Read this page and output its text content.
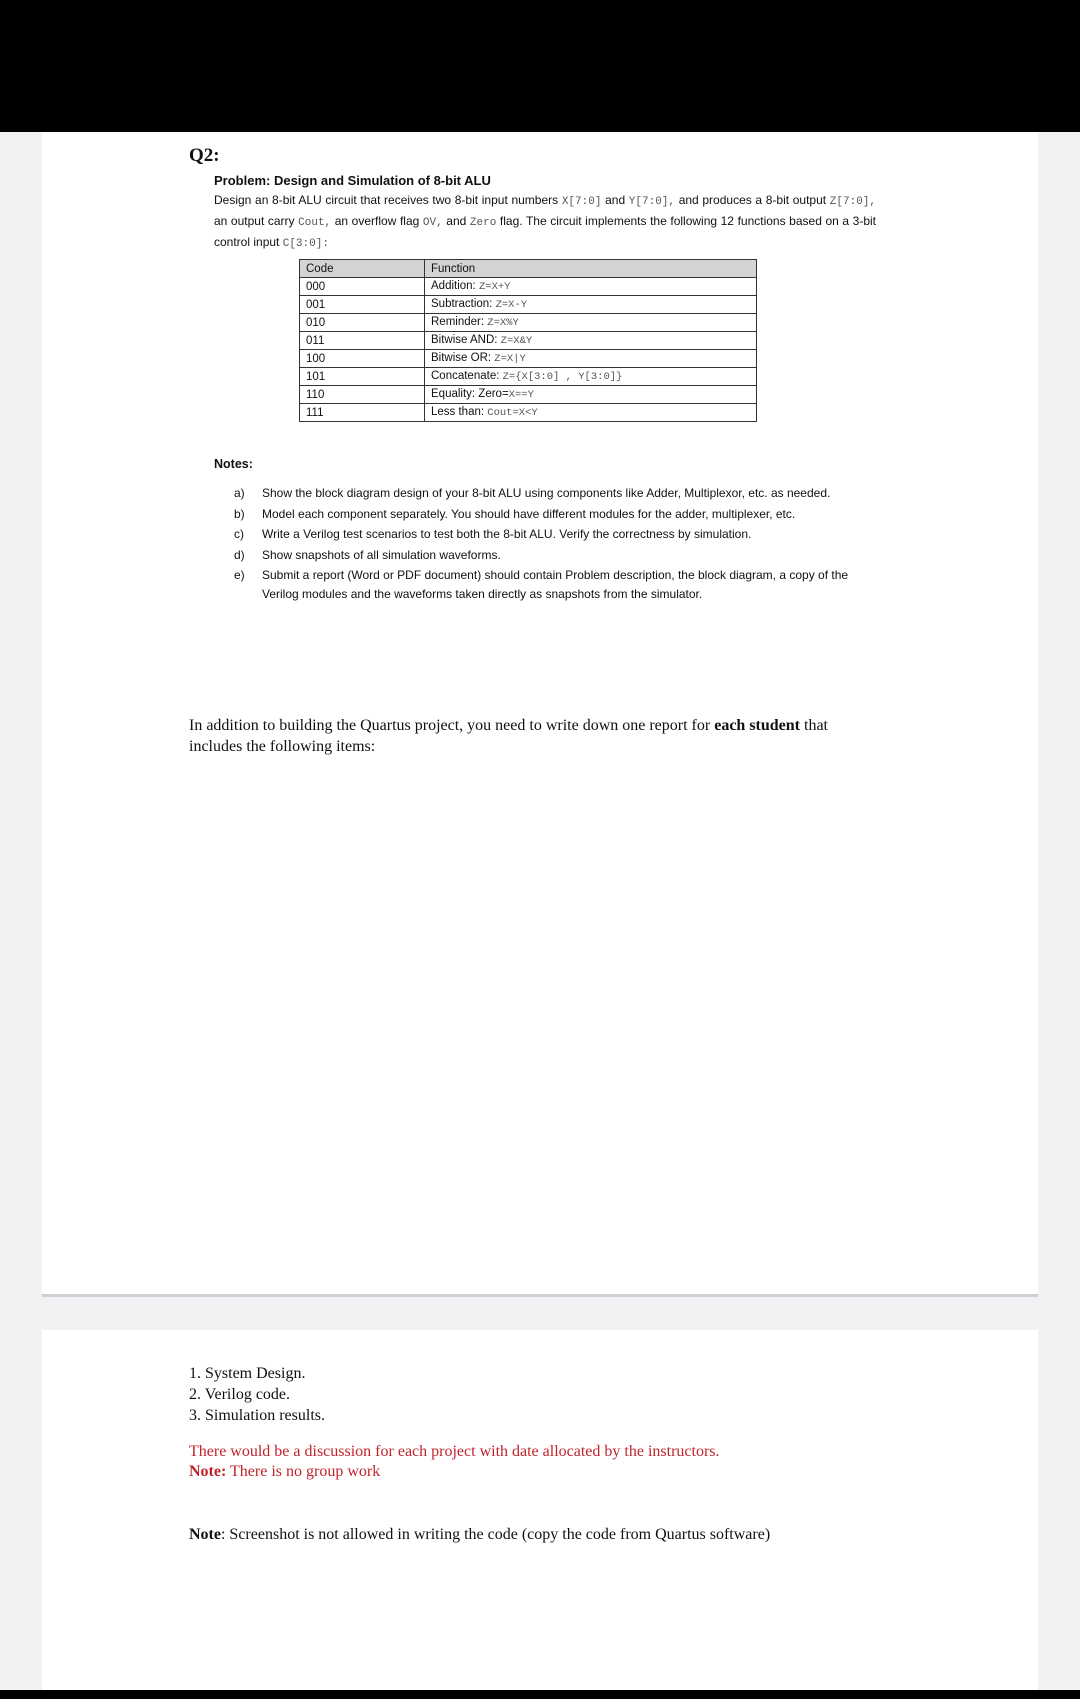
Q2:
Problem: Design and Simulation of 8-bit ALU
Design an 8-bit ALU circuit that receives two 8-bit input numbers X[7:0] and Y[7:0], and produces a 8-bit output Z[7:0], an output carry Cout, an overflow flag OV, and Zero flag. The circuit implements the following 12 functions based on a 3-bit control input C[3:0]:
Code	Function
000	Addition: Z=X+Y
001	Subtraction: Z=X-Y
010	Reminder: Z=X%Y
011	Bitwise AND: Z=X&Y
100	Bitwise OR: Z=X|Y
101	Concatenate: Z={X[3:0] , Y[3:0]}
110	Equality: Zero=X==Y
111	Less than: Cout=X<Y
Notes:
a) Show the block diagram design of your 8-bit ALU using components like Adder, Multiplexor, etc. as needed.
b) Model each component separately. You should have different modules for the adder, multiplexer, etc.
c) Write a Verilog test scenarios to test both the 8-bit ALU. Verify the correctness by simulation.
d) Show snapshots of all simulation waveforms.
e) Submit a report (Word or PDF document) should contain Problem description, the block diagram, a copy of the Verilog modules and the waveforms taken directly as snapshots from the simulator.
In addition to building the Quartus project, you need to write down one report for each student that includes the following items:
1. System Design.
2. Verilog code.
3. Simulation results.
There would be a discussion for each project with date allocated by the instructors.
Note: There is no group work
Note: Screenshot is not allowed in writing the code (copy the code from Quartus software)
